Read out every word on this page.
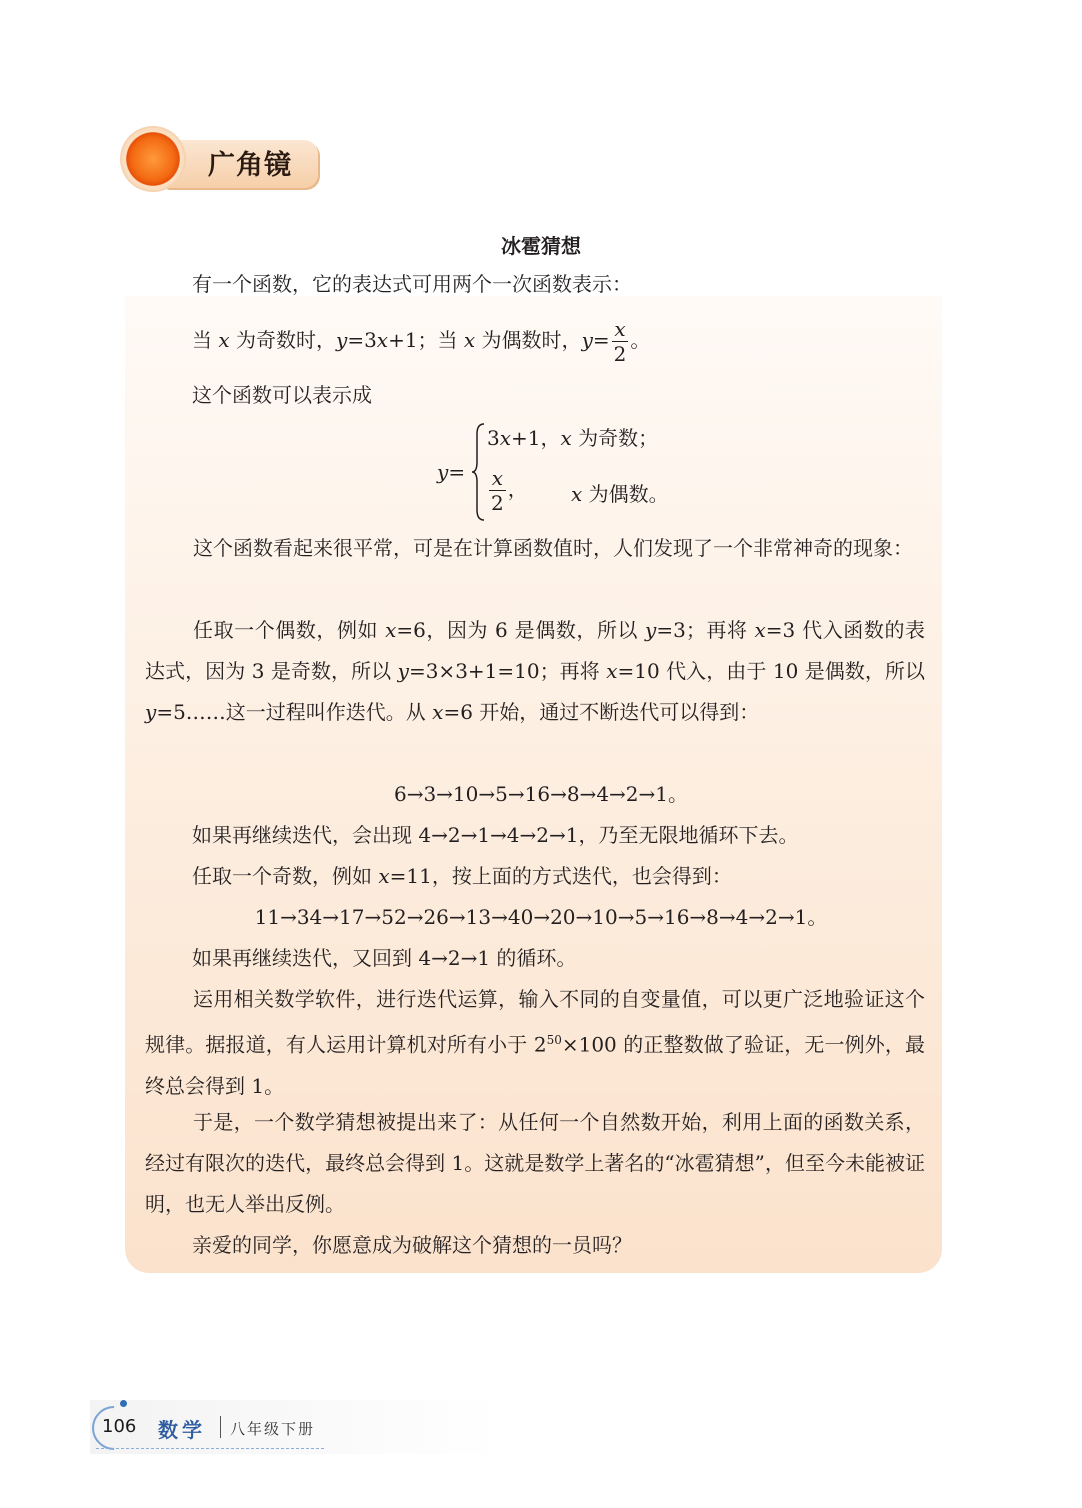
广角镜
冰雹猜想
有一个函数，它的表达式可用两个一次函数表示：
当 x 为奇数时，y=3x+1；当 x 为偶数时，$y= \frac{x}{2}$ 。
这个函数可以表示成
y=
3x+1，x 为奇数；
$\frac{x}{2}$ ， x 为偶数。
这个函数看起来很平常，可是在计算函数值时，人们发现了一个非常神奇的现象：
任取一个偶数，例如 x=6，因为 6 是偶数，所以 y=3；再将 x=3 代入函数的表达式，因为 3 是奇数，所以 y=3×3+1=10；再将 x=10 代入，由于 10 是偶数，所以 y=5……这一过程叫作迭代。从 x=6 开始，通过不断迭代可以得到：
6→3→10→5→16→8→4→2→1。
如果再继续迭代，会出现 4→2→1→4→2→1，乃至无限地循环下去。
任取一个奇数，例如 x=11，按上面的方式迭代，也会得到：
11→34→17→52→26→13→40→20→10→5→16→8→4→2→1。
如果再继续迭代，又回到 4→2→1 的循环。
运用相关数学软件，进行迭代运算，输入不同的自变量值，可以更广泛地验证这个规律。据报道，有人运用计算机对所有小于 $2^{50}\times 100$ 的正整数做了验证，无一例外，最终总会得到 1。
于是，一个数学猜想被提出来了：从任何一个自然数开始，利用上面的函数关系，经过有限次的迭代，最终总会得到 1。这就是数学上著名的“冰雹猜想”，但至今未能被证明，也无人举出反例。
亲爱的同学，你愿意成为破解这个猜想的一员吗？
106 数学 八年级下册
